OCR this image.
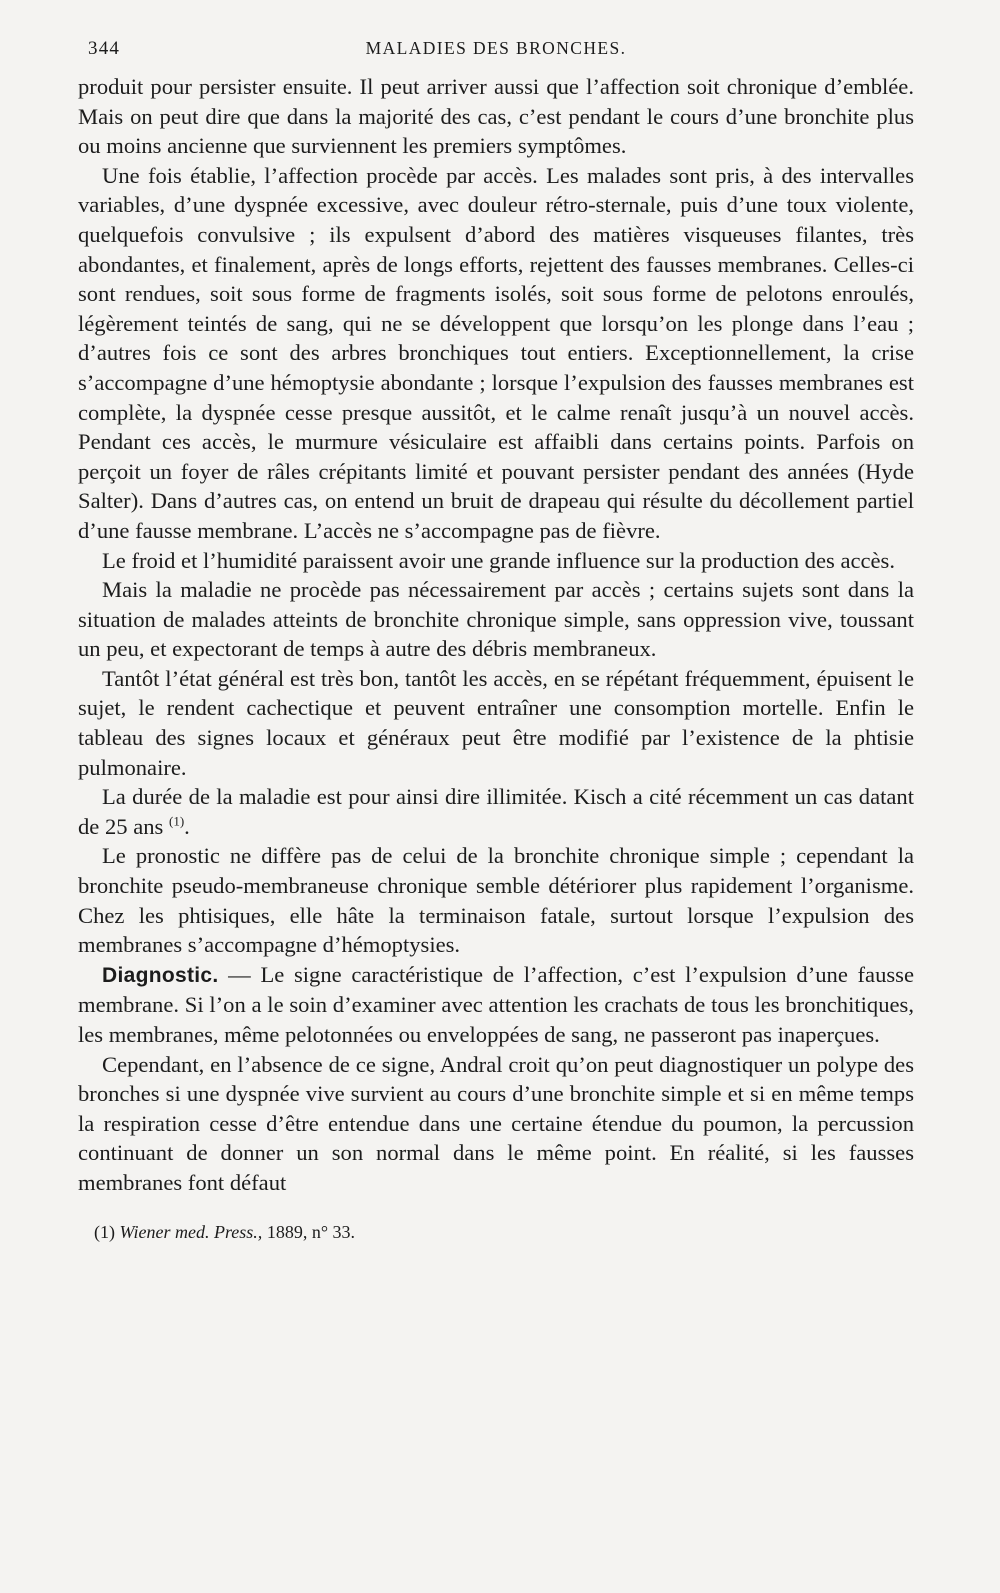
344	MALADIES DES BRONCHES.

produit pour persister ensuite. Il peut arriver aussi que l’affection soit chronique d’emblée. Mais on peut dire que dans la majorité des cas, c’est pendant le cours d’une bronchite plus ou moins ancienne que surviennent les premiers symptômes.

Une fois établie, l’affection procède par accès. Les malades sont pris, à des intervalles variables, d’une dyspnée excessive, avec douleur rétro-sternale, puis d’une toux violente, quelquefois convulsive ; ils expulsent d’abord des matières visqueuses filantes, très abondantes, et finalement, après de longs efforts, rejettent des fausses membranes. Celles-ci sont rendues, soit sous forme de fragments isolés, soit sous forme de pelotons enroulés, légèrement teintés de sang, qui ne se développent que lorsqu’on les plonge dans l’eau ; d’autres fois ce sont des arbres bronchiques tout entiers. Exceptionnellement, la crise s’accompagne d’une hémoptysie abondante ; lorsque l’expulsion des fausses membranes est complète, la dyspnée cesse presque aussitôt, et le calme renaît jusqu’à un nouvel accès. Pendant ces accès, le murmure vésiculaire est affaibli dans certains points. Parfois on perçoit un foyer de râles crépitants limité et pouvant persister pendant des années (Hyde Salter). Dans d’autres cas, on entend un bruit de drapeau qui résulte du décollement partiel d’une fausse membrane. L’accès ne s’accompagne pas de fièvre.

Le froid et l’humidité paraissent avoir une grande influence sur la production des accès.

Mais la maladie ne procède pas nécessairement par accès ; certains sujets sont dans la situation de malades atteints de bronchite chronique simple, sans oppression vive, toussant un peu, et expectorant de temps à autre des débris membraneux.

Tantôt l’état général est très bon, tantôt les accès, en se répétant fréquemment, épuisent le sujet, le rendent cachectique et peuvent entraîner une consomption mortelle. Enfin le tableau des signes locaux et généraux peut être modifié par l’existence de la phtisie pulmonaire.

La durée de la maladie est pour ainsi dire illimitée. Kisch a cité récemment un cas datant de 25 ans $^{(1)}$.

Le pronostic ne diffère pas de celui de la bronchite chronique simple ; cependant la bronchite pseudo-membraneuse chronique semble détériorer plus rapidement l’organisme. Chez les phtisiques, elle hâte la terminaison fatale, surtout lorsque l’expulsion des membranes s’accompagne d’hémoptysies.

Diagnostic. — Le signe caractéristique de l’affection, c’est l’expulsion d’une fausse membrane. Si l’on a le soin d’examiner avec attention les crachats de tous les bronchitiques, les membranes, même pelotonnées ou enveloppées de sang, ne passeront pas inaperçues.

Cependant, en l’absence de ce signe, Andral croit qu’on peut diagnostiquer un polype des bronches si une dyspnée vive survient au cours d’une bronchite simple et si en même temps la respiration cesse d’être entendue dans une certaine étendue du poumon, la percussion continuant de donner un son normal dans le même point. En réalité, si les fausses membranes font défaut

(1) Wiener med. Press., 1889, n° 33.
